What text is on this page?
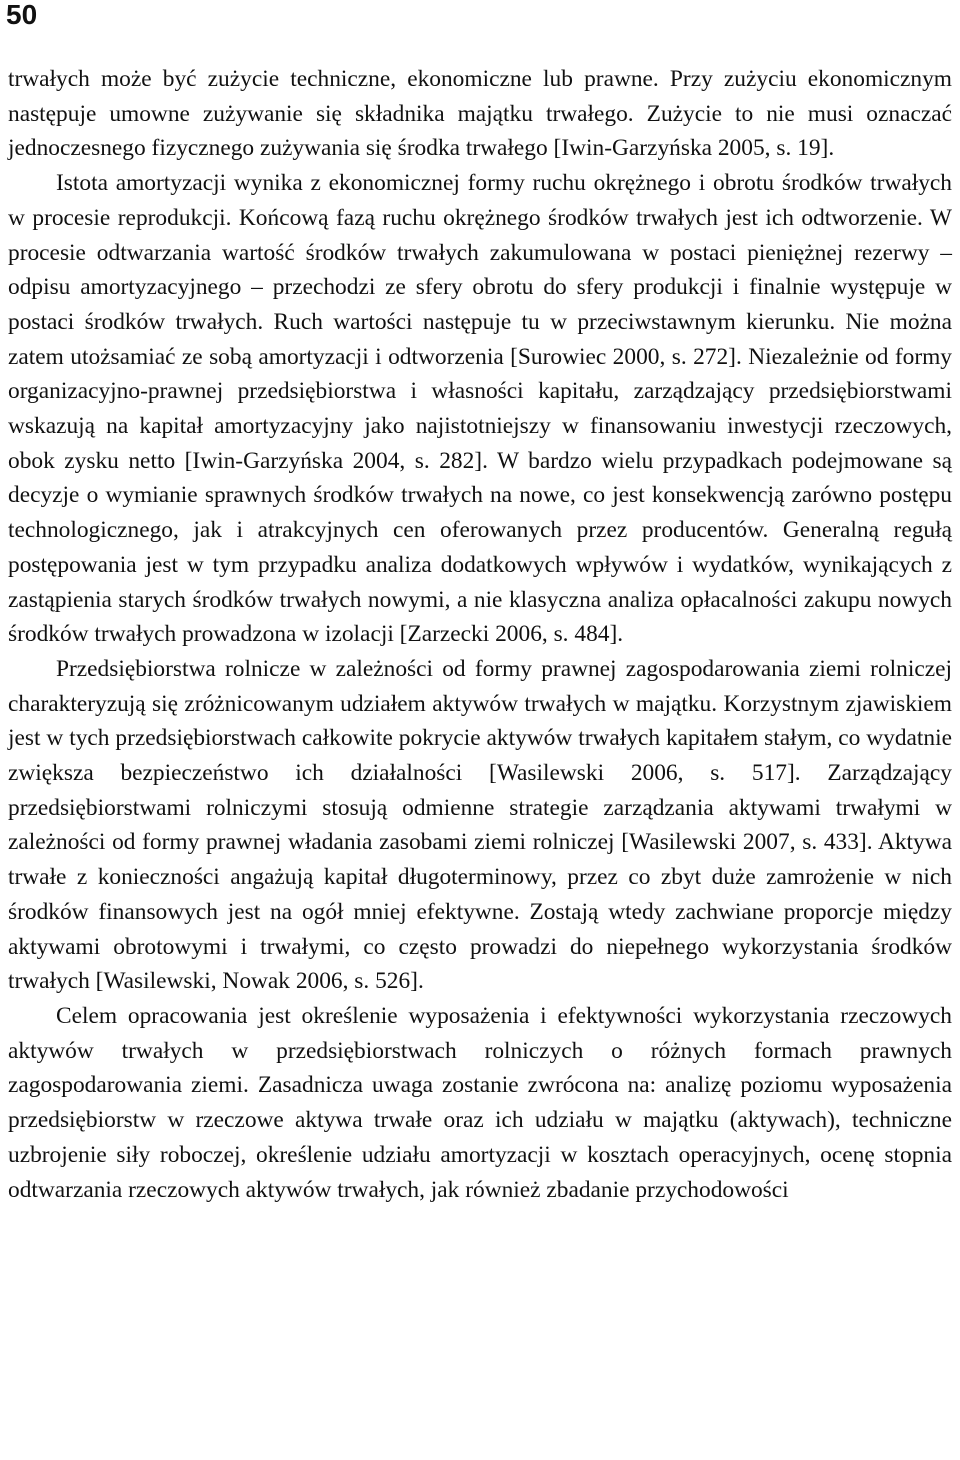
50

trwałych może być zużycie techniczne, ekonomiczne lub prawne. Przy zużyciu ekonomicznym następuje umowne zużywanie się składnika majątku trwałego. Zużycie to nie musi oznaczać jednoczesnego fizycznego zużywania się środka trwałego [Iwin-Garzyńska 2005, s. 19].

Istota amortyzacji wynika z ekonomicznej formy ruchu okrężnego i obrotu środków trwałych w procesie reprodukcji. Końcową fazą ruchu okrężnego środków trwałych jest ich odtworzenie. W procesie odtwarzania wartość środków trwałych zakumulowana w postaci pieniężnej rezerwy – odpisu amortyzacyjnego – przechodzi ze sfery obrotu do sfery produkcji i finalnie występuje w postaci środków trwałych. Ruch wartości następuje tu w przeciwstawnym kierunku. Nie można zatem utożsamiać ze sobą amortyzacji i odtworzenia [Surowiec 2000, s. 272]. Niezależnie od formy organizacyjno-prawnej przedsiębiorstwa i własności kapitału, zarządzający przedsiębiorstwami wskazują na kapitał amortyzacyjny jako najistotniejszy w finansowaniu inwestycji rzeczowych, obok zysku netto [Iwin-Garzyńska 2004, s. 282]. W bardzo wielu przypadkach podejmowane są decyzje o wymianie sprawnych środków trwałych na nowe, co jest konsekwencją zarówno postępu technologicznego, jak i atrakcyjnych cen oferowanych przez producentów. Generalną regułą postępowania jest w tym przypadku analiza dodatkowych wpływów i wydatków, wynikających z zastąpienia starych środków trwałych nowymi, a nie klasyczna analiza opłacalności zakupu nowych środków trwałych prowadzona w izolacji [Zarzecki 2006, s. 484].

Przedsiębiorstwa rolnicze w zależności od formy prawnej zagospodarowania ziemi rolniczej charakteryzują się zróżnicowanym udziałem aktywów trwałych w majątku. Korzystnym zjawiskiem jest w tych przedsiębiorstwach całkowite pokrycie aktywów trwałych kapitałem stałym, co wydatnie zwiększa bezpieczeństwo ich działalności [Wasilewski 2006, s. 517]. Zarządzający przedsiębiorstwami rolniczymi stosują odmienne strategie zarządzania aktywami trwałymi w zależności od formy prawnej władania zasobami ziemi rolniczej [Wasilewski 2007, s. 433]. Aktywa trwałe z konieczności angażują kapitał długoterminowy, przez co zbyt duże zamrożenie w nich środków finansowych jest na ogół mniej efektywne. Zostają wtedy zachwiane proporcje między aktywami obrotowymi i trwałymi, co często prowadzi do niepełnego wykorzystania środków trwałych [Wasilewski, Nowak 2006, s. 526].

Celem opracowania jest określenie wyposażenia i efektywności wykorzystania rzeczowych aktywów trwałych w przedsiębiorstwach rolniczych o różnych formach prawnych zagospodarowania ziemi. Zasadnicza uwaga zostanie zwrócona na: analizę poziomu wyposażenia przedsiębiorstw w rzeczowe aktywa trwałe oraz ich udziału w majątku (aktywach), techniczne uzbrojenie siły roboczej, określenie udziału amortyzacji w kosztach operacyjnych, ocenę stopnia odtwarzania rzeczowych aktywów trwałych, jak również zbadanie przychodowości
